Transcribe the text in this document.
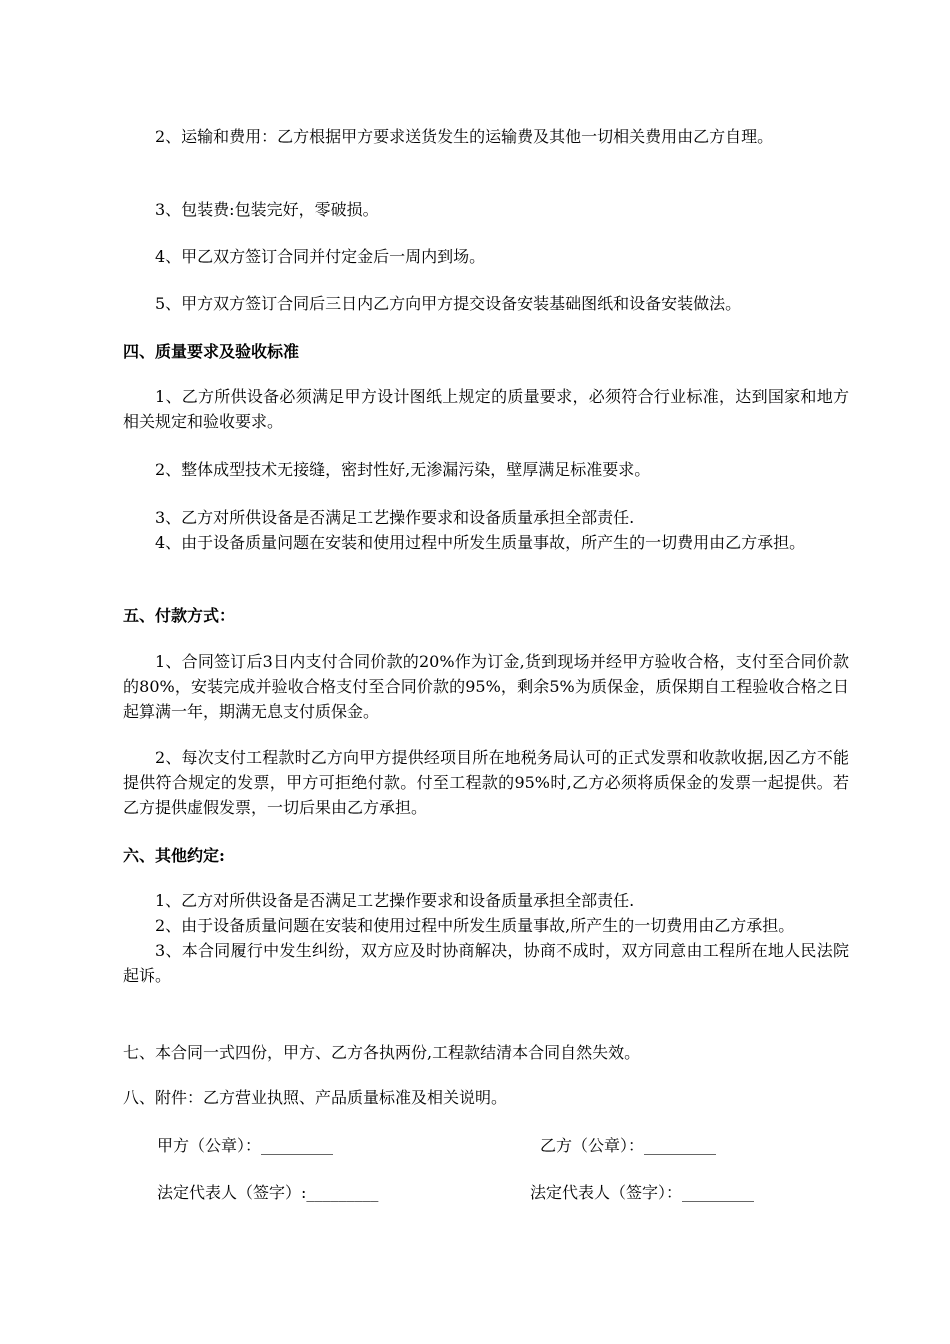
2、运输和费用：乙方根据甲方要求送货发生的运输费及其他一切相关费用由乙方自理。

3、包装费:包装完好，零破损。

4、甲乙双方签订合同并付定金后一周内到场。

5、甲方双方签订合同后三日内乙方向甲方提交设备安装基础图纸和设备安装做法。

四、质量要求及验收标准

1、乙方所供设备必须满足甲方设计图纸上规定的质量要求，必须符合行业标准，达到国家和地方相关规定和验收要求。

2、整体成型技术无接缝，密封性好,无渗漏污染，壁厚满足标准要求。

3、乙方对所供设备是否满足工艺操作要求和设备质量承担全部责任.

4、由于设备质量问题在安装和使用过程中所发生质量事故，所产生的一切费用由乙方承担。

五、付款方式：

1、合同签订后3日内支付合同价款的20%作为订金,货到现场并经甲方验收合格，支付至合同价款的80%，安装完成并验收合格支付至合同价款的95%，剩余5%为质保金，质保期自工程验收合格之日起算满一年，期满无息支付质保金。

2、每次支付工程款时乙方向甲方提供经项目所在地税务局认可的正式发票和收款收据,因乙方不能提供符合规定的发票，甲方可拒绝付款。付至工程款的95%时,乙方必须将质保金的发票一起提供。若乙方提供虚假发票，一切后果由乙方承担。

六、其他约定:

1、乙方对所供设备是否满足工艺操作要求和设备质量承担全部责任.

2、由于设备质量问题在安装和使用过程中所发生质量事故,所产生的一切费用由乙方承担。

3、本合同履行中发生纠纷，双方应及时协商解决，协商不成时，双方同意由工程所在地人民法院起诉。

七、本合同一式四份，甲方、乙方各执两份,工程款结清本合同自然失效。

八、附件：乙方营业执照、产品质量标准及相关说明。

甲方（公章）：_________	乙方（公章）：_________
法定代表人（签字）:_________	法定代表人（签字）：_________
